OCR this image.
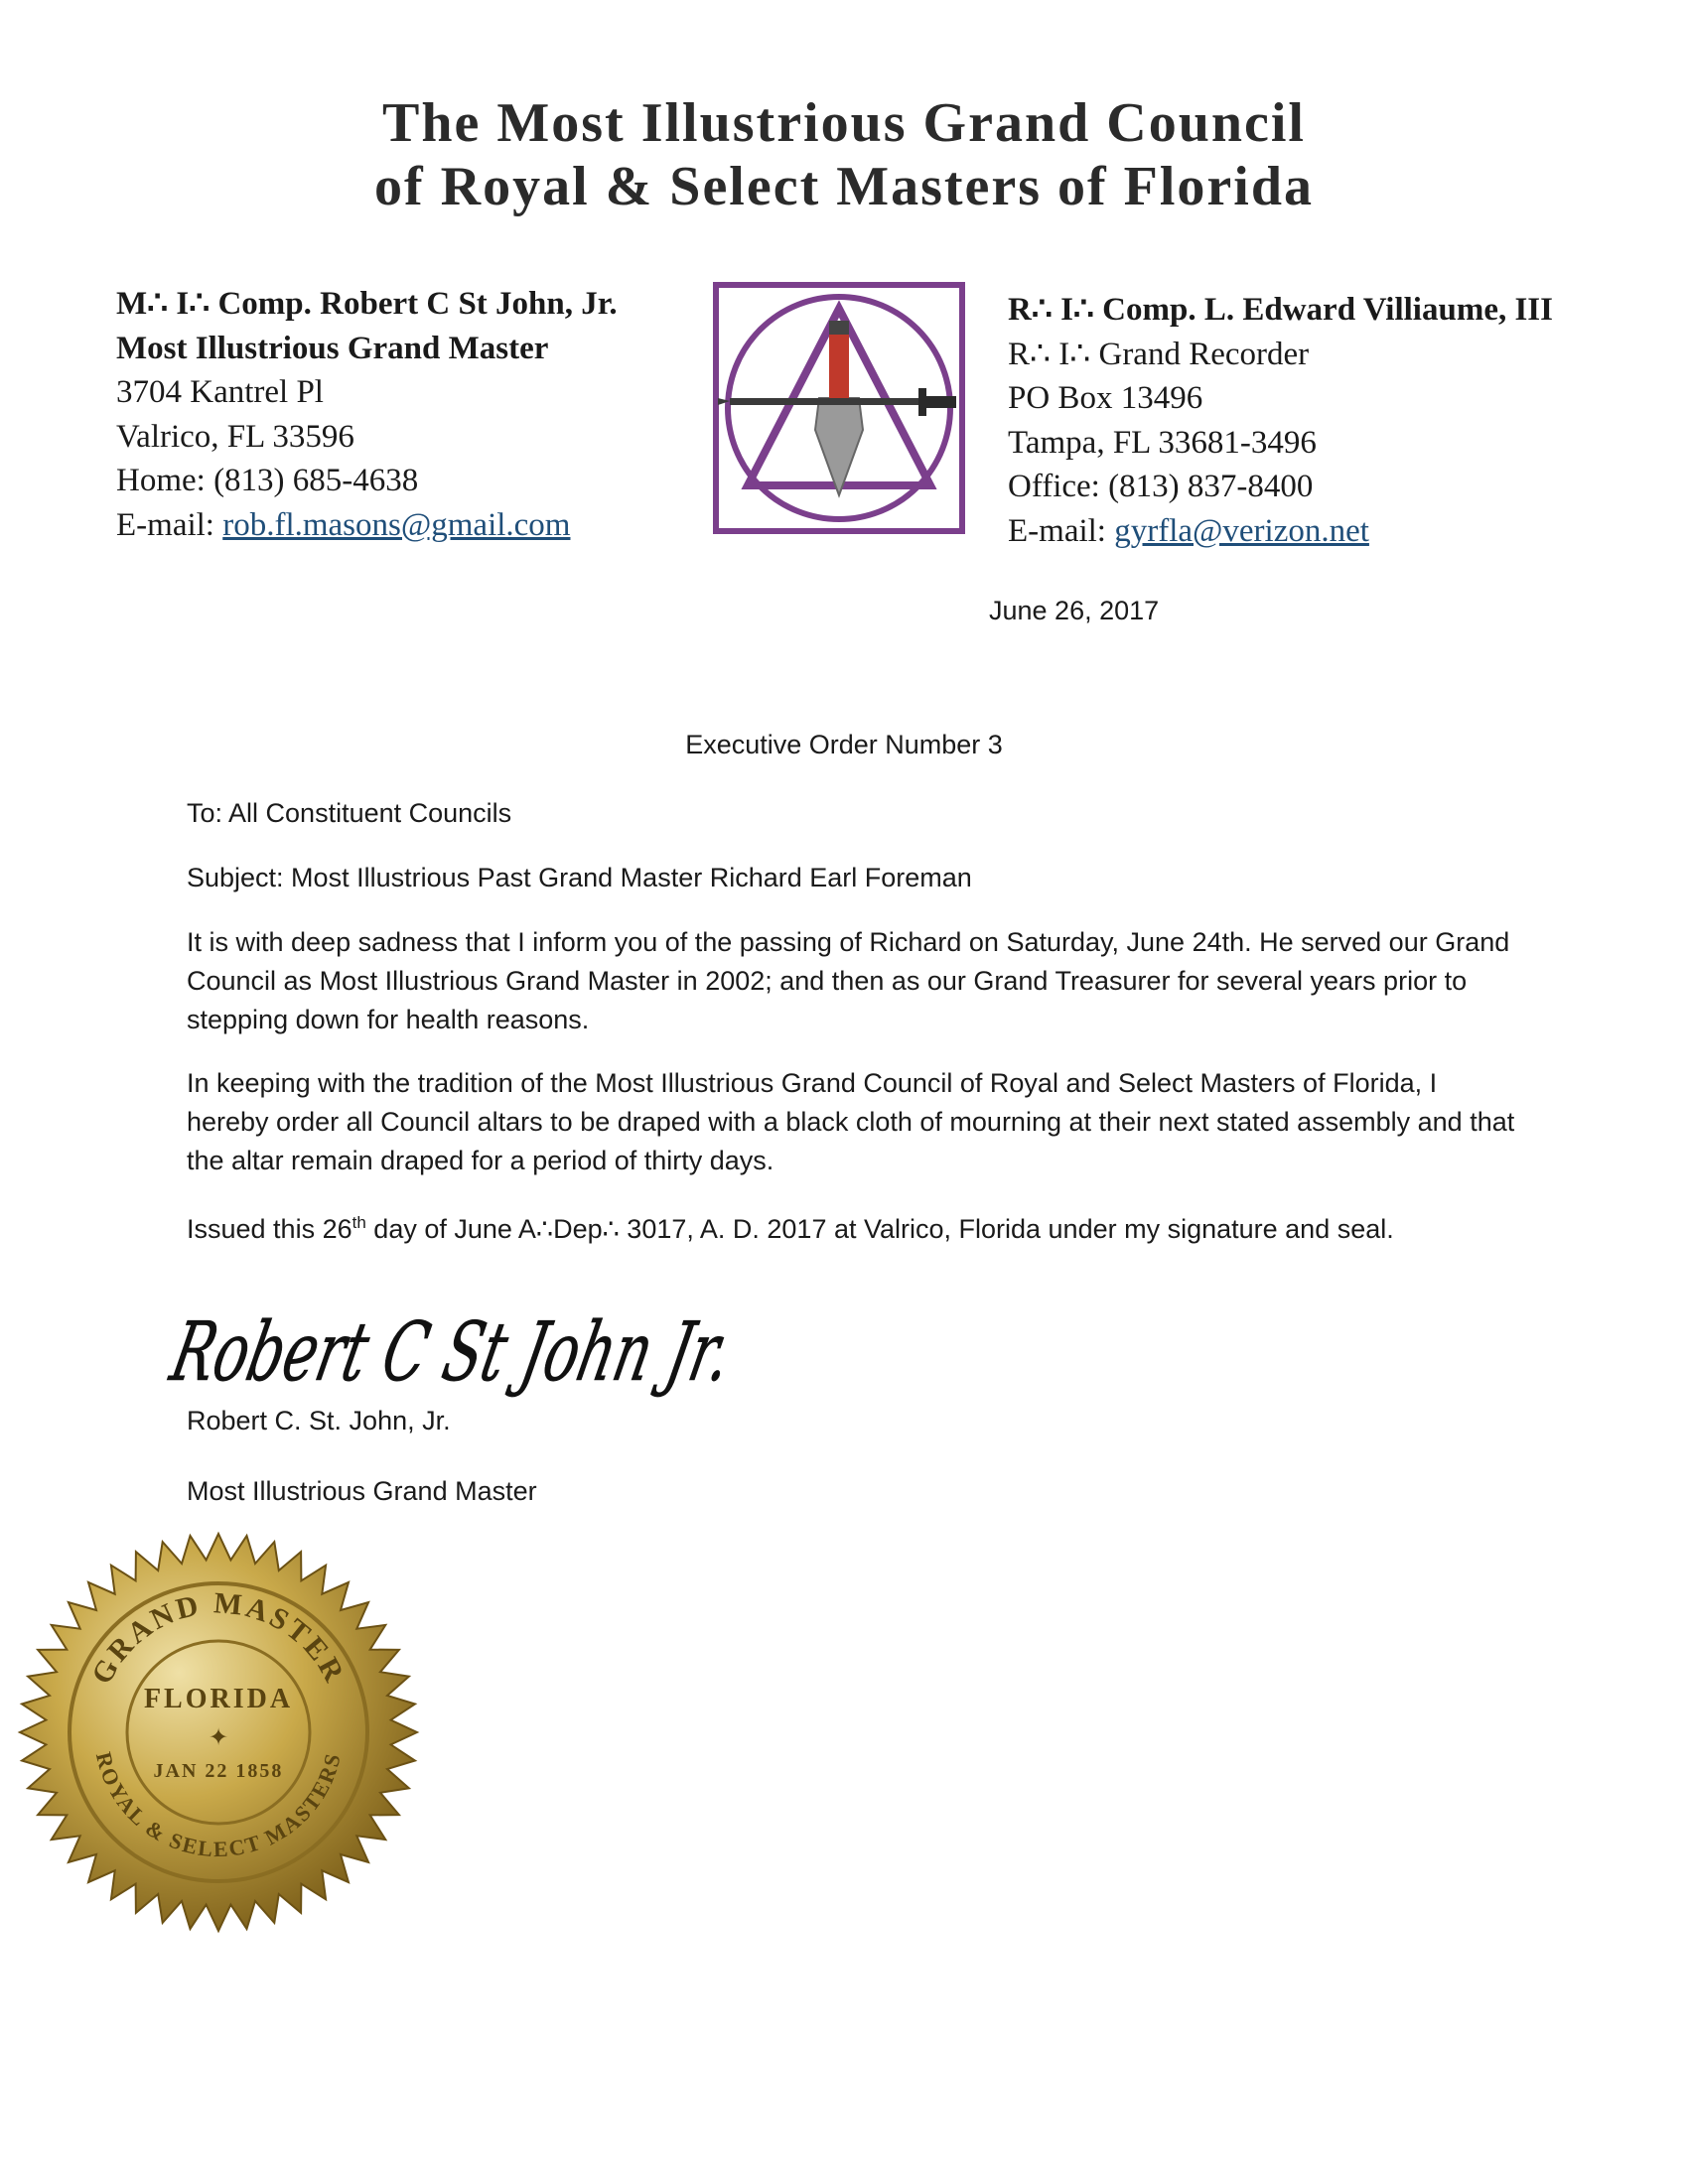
The Most Illustrious Grand Council
of Royal & Select Masters of Florida
M∴ I∴ Comp. Robert C St John, Jr.
Most Illustrious Grand Master
3704 Kantrel Pl
Valrico, FL 33596
Home: (813) 685-4638
E-mail: rob.fl.masons@gmail.com
R∴ I∴ Comp. L. Edward Villiaume, III
R∴ I∴ Grand Recorder
PO Box 13496
Tampa, FL 33681-3496
Office: (813) 837-8400
E-mail: gyrfla@verizon.net
June 26, 2017
Executive Order Number 3
To: All Constituent Councils
Subject: Most Illustrious Past Grand Master Richard Earl Foreman
It is with deep sadness that I inform you of the passing of Richard on Saturday, June 24th. He served our Grand Council as Most Illustrious Grand Master in 2002; and then as our Grand Treasurer for several years prior to stepping down for health reasons.
In keeping with the tradition of the Most Illustrious Grand Council of Royal and Select Masters of Florida, I hereby order all Council altars to be draped with a black cloth of mourning at their next stated assembly and that the altar remain draped for a period of thirty days.
Issued this 26th day of June A∴Dep∴ 3017, A. D. 2017 at Valrico, Florida under my signature and seal.
Robert C St John Jr.
Robert C. St. John, Jr.
Most Illustrious Grand Master
GRAND MASTER
ROYAL & SELECT MASTERS
FLORIDA
✦
JAN 22 1858
